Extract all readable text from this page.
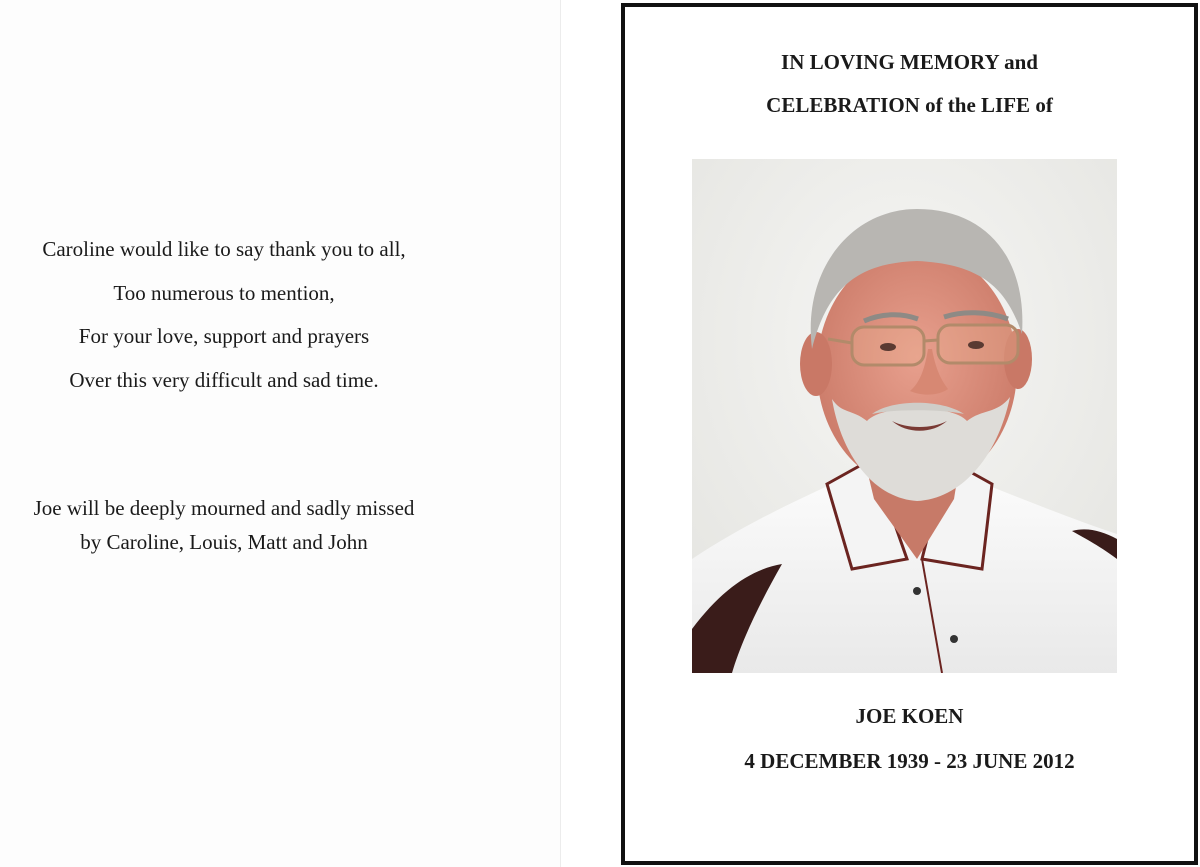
Caroline would like to say thank you to all,
Too numerous to mention,
For your love, support and prayers
Over this very difficult and sad time.
Joe will be deeply mourned and sadly missed
by Caroline, Louis, Matt and John
IN LOVING MEMORY and
CELEBRATION of the LIFE of
JOE KOEN
4 DECEMBER 1939 - 23 JUNE 2012
